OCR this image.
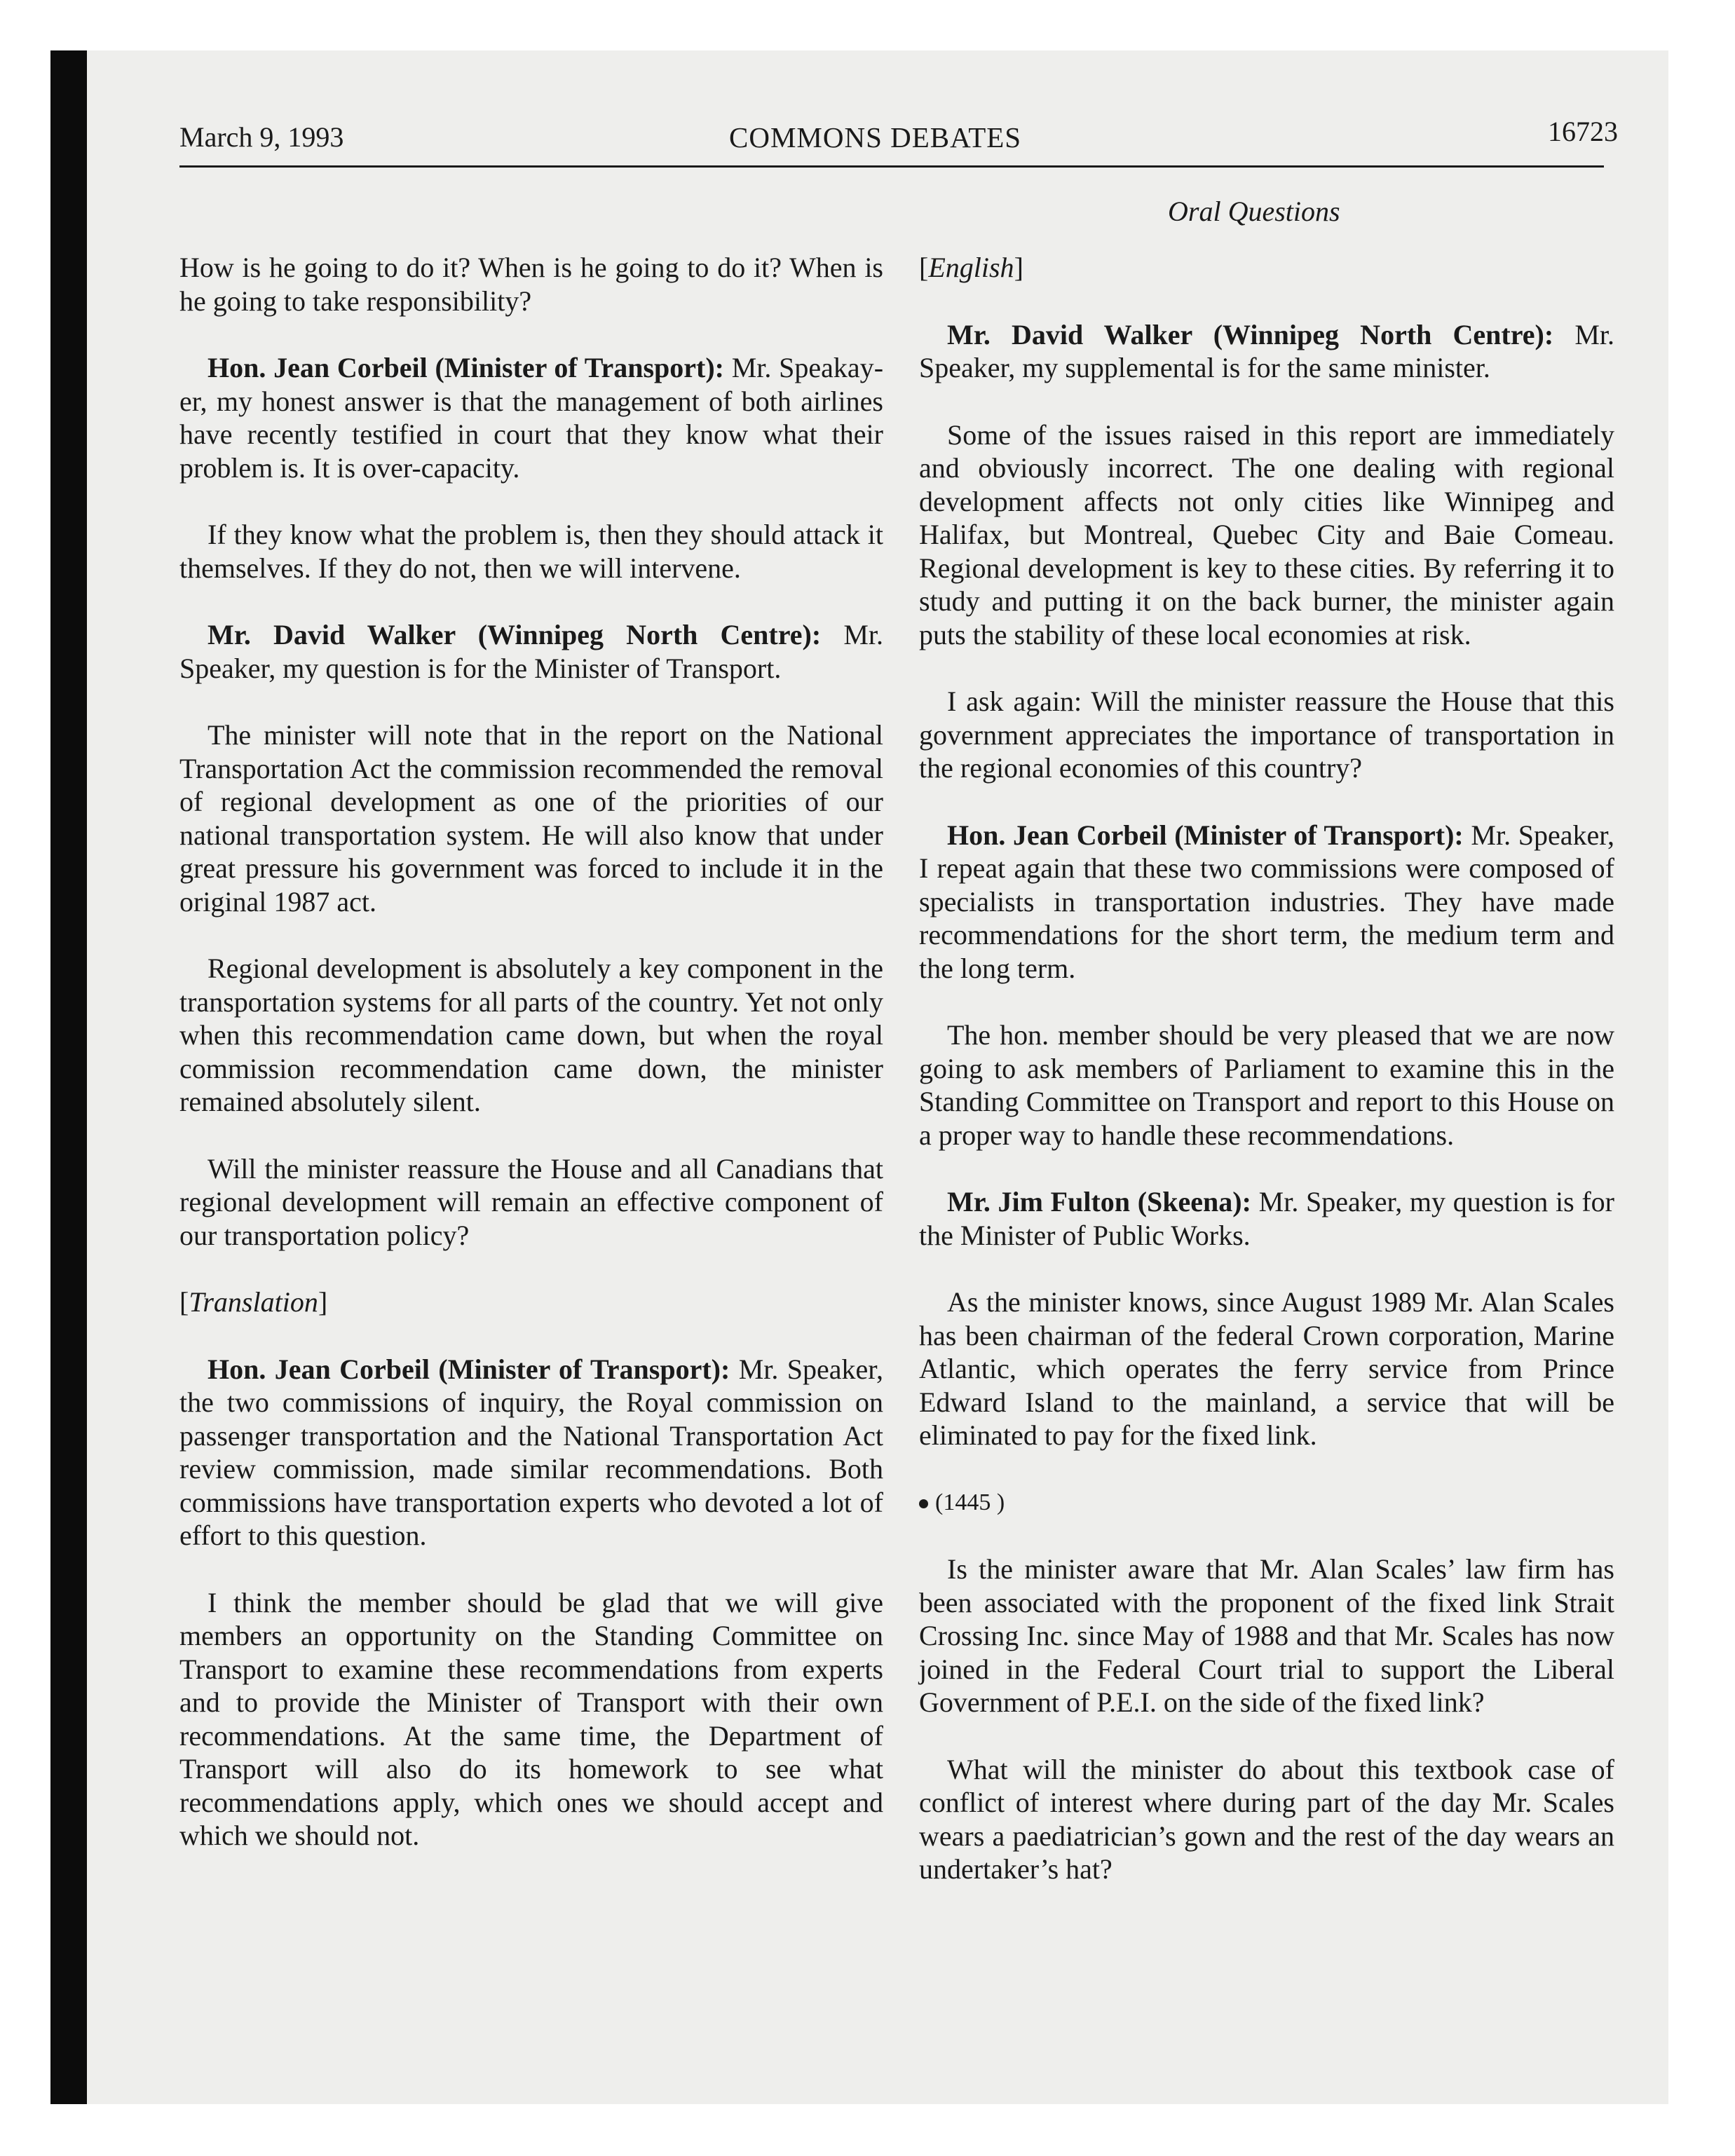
March 9, 1993	COMMONS DEBATES	16723
Oral Questions

How is he going to do it? When is he going to do it? When is he going to take responsibility?

Hon. Jean Corbeil (Minister of Transport): Mr. Speakayer, my honest answer is that the management of both airlines have recently testified in court that they know what their problem is. It is over-capacity.

If they know what the problem is, then they should attack it themselves. If they do not, then we will intervene.

Mr. David Walker (Winnipeg North Centre): Mr. Speaker, my question is for the Minister of Transport.

The minister will note that in the report on the National Transportation Act the commission recommended the removal of regional development as one of the priorities of our national transportation system. He will also know that under great pressure his government was forced to include it in the original 1987 act.

Regional development is absolutely a key component in the transportation systems for all parts of the country. Yet not only when this recommendation came down, but when the royal commission recommendation came down, the minister remained absolutely silent.

Will the minister reassure the House and all Canadians that regional development will remain an effective component of our transportation policy?

[Translation]

Hon. Jean Corbeil (Minister of Transport): Mr. Speaker, the two commissions of inquiry, the Royal commission on passenger transportation and the National Transportation Act review commission, made similar recommendations. Both commissions have transportation experts who devoted a lot of effort to this question.

I think the member should be glad that we will give members an opportunity on the Standing Committee on Transport to examine these recommendations from experts and to provide the Minister of Transport with their own recommendations. At the same time, the Department of Transport will also do its homework to see what recommendations apply, which ones we should accept and which we should not.

[English]

Mr. David Walker (Winnipeg North Centre): Mr. Speaker, my supplemental is for the same minister.

Some of the issues raised in this report are immediately and obviously incorrect. The one dealing with regional development affects not only cities like Winnipeg and Halifax, but Montreal, Quebec City and Baie Comeau. Regional development is key to these cities. By referring it to study and putting it on the back burner, the minister again puts the stability of these local economies at risk.

I ask again: Will the minister reassure the House that this government appreciates the importance of transportation in the regional economies of this country?

Hon. Jean Corbeil (Minister of Transport): Mr. Speaker, I repeat again that these two commissions were composed of specialists in transportation industries. They have made recommendations for the short term, the medium term and the long term.

The hon. member should be very pleased that we are now going to ask members of Parliament to examine this in the Standing Committee on Transport and report to this House on a proper way to handle these recommendations.

Mr. Jim Fulton (Skeena): Mr. Speaker, my question is for the Minister of Public Works.

As the minister knows, since August 1989 Mr. Alan Scales has been chairman of the federal Crown corporation, Marine Atlantic, which operates the ferry service from Prince Edward Island to the mainland, a service that will be eliminated to pay for the fixed link.

(1445 )

Is the minister aware that Mr. Alan Scales’ law firm has been associated with the proponent of the fixed link Strait Crossing Inc. since May of 1988 and that Mr. Scales has now joined in the Federal Court trial to support the Liberal Government of P.E.I. on the side of the fixed link?

What will the minister do about this textbook case of conflict of interest where during part of the day Mr. Scales wears a paediatrician’s gown and the rest of the day wears an undertaker’s hat?
